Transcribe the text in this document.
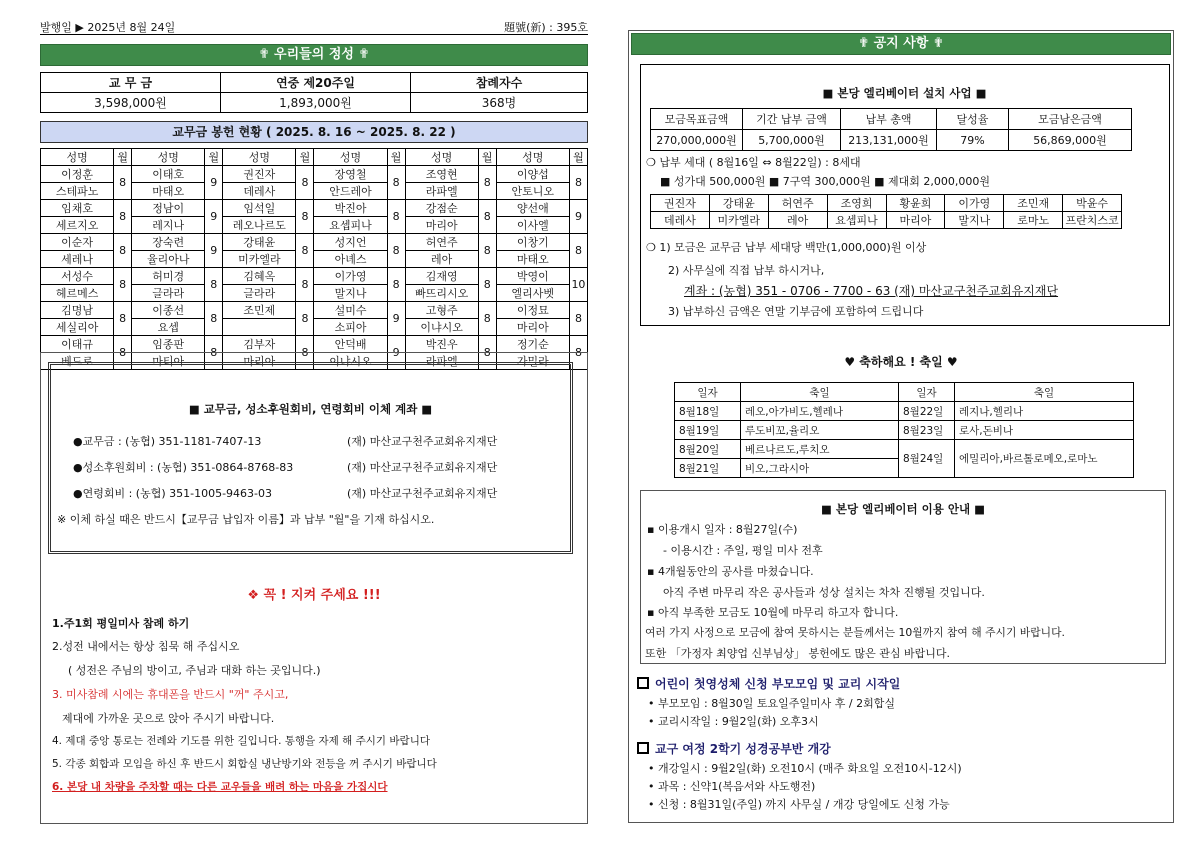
발행일 ▶ 2025년 8월 24일	題號(新) : 395호
✟ 우리들의 정성 ✟
교 무 금	연중 제20주일	참례자수
3,598,000원	1,893,000원	368명
교무금 봉헌 현황 ( 2025. 8. 16 ~ 2025. 8. 22 )
성명	월	성명	월	성명	월	성명	월	성명	월	성명	월
이정훈	8	이태호	9	권진자	8	장영철	8	조영현	8	이양섭	8
스테파노		마태오		데레사		안드레아		라파엘		안토니오	
임채호	8	정남이	9	임석일	8	박진아	8	강점순	8	양선애	9
세르지오		레지나		레오나르도		요셉피나		마리아		이사엘	
이순자	8	장숙련	9	강태윤	8	성지언	8	허연주	8	이창기	8
세레나		율리아나		미카엘라		아녜스		레아		마태오	
서성수	8	허미경	8	김혜옥	8	이가영	8	김재영	8	박영이	10
헤르메스		글라라		글라라		말지나		빠뜨리시오		엘리사벳	
김명남	8	이종선	8	조민제	8	설미수	9	고형주	8	이정묘	8
세실리아		요셉				소피아		이냐시오		마리아	
이태규	8	임종판	8	김부자	8	안덕배	9	박진우	8	정기순	8
베드로		마티아		마리아		이냐시오		라파엘		가밀라	
■ 교무금, 성소후원회비, 연령회비 이체 계좌 ■
●교무금 : (농협) 351-1181-7407-13	(재) 마산교구천주교회유지재단
●성소후원회비 : (농협) 351-0864-8768-83	(재) 마산교구천주교회유지재단
●연령회비 : (농협) 351-1005-9463-03	(재) 마산교구천주교회유지재단
※ 이체 하실 때은 반드시【교무금 납입자 이름】과 납부 "월"을 기재 하십시오.
❖ 꼭 ! 지켜 주세요 !!!
1.주1회 평일미사 참례 하기
2.성전 내에서는 항상 침묵 해 주십시오
( 성전은 주님의 방이고, 주님과 대화 하는 곳입니다.)
3. 미사참례 시에는 휴대폰을 반드시 "꺼" 주시고,
제대에 가까운 곳으로 앉아 주시기 바랍니다.
4. 제대 중앙 통로는 전례와 기도를 위한 길입니다. 통행을 자제 해 주시기 바랍니다
5. 각종 회합과 모임을 하신 후 반드시 회합실 냉난방기와 전등을 꺼 주시기 바랍니다
6. 본당 내 차량을 주차할 때는 다른 교우들을 배려 하는 마음을 가집시다
✟ 공지 사항 ✟
■ 본당 엘리베이터 설치 사업 ■
모금목표금액	기간 납부 금액	납부 총액	달성율	모금남은금액
270,000,000원	5,700,000원	213,131,000원	79%	56,869,000원
❍ 납부 세대 ( 8월16일 ⇔ 8월22일) : 8세대
■ 성가대 500,000원 ■ 7구역 300,000원 ■ 제대회 2,000,000원
권진자	강태윤	허연주	조영희	황윤희	이가영	조민재	박윤수
데레사	미카엘라	레아	요셉피나	마리아	말지나	로마노	프란치스코
❍ 1) 모금은 교무금 납부 세대당 백만(1,000,000)원 이상
2) 사무실에 직접 납부 하시거나,
계좌 : (농협) 351 - 0706 - 7700 - 63 (재) 마산교구천주교회유지재단
3) 납부하신 금액은 연말 기부금에 포함하여 드립니다
♥ 축하해요 ! 축일 ♥
일자	축일	일자	축일
8월18일	레오,아가비도,헬레나	8월22일	레지나,헬리나
8월19일	루도비꼬,율리오	8월23일	로사,돈비나
8월20일	베르나르도,루치오	8월24일	에밀리아,바르톨로메오,로마노
8월21일	비오,그라시아		
■ 본당 엘리베이터 이용 안내 ■
▪ 이용개시 일자 : 8월27일(수)
- 이용시간 : 주일, 평일 미사 전후
▪ 4개월동안의 공사를 마쳤습니다.
아직 주변 마무리 작은 공사들과 성상 설치는 차차 진행될 것입니다.
▪ 아직 부족한 모금도 10월에 마무리 하고자 합니다.
여러 가지 사정으로 모금에 참여 못하시는 분들께서는 10월까지 참여 해 주시기 바랍니다.
또한 「가정자 최양업 신부님상」 봉헌에도 많은 관심 바랍니다.
어린이 첫영성체 신청 부모모임 및 교리 시작일
• 부모모임 : 8월30일 토요일주일미사 후 / 2회합실
• 교리시작일 : 9월2일(화) 오후3시
교구 여정 2학기 성경공부반 개강
• 개강일시 : 9월2일(화) 오전10시 (매주 화요일 오전10시-12시)
• 과목 : 신약1(복음서와 사도행전)
• 신청 : 8월31일(주일) 까지 사무실 / 개강 당일에도 신청 가능
